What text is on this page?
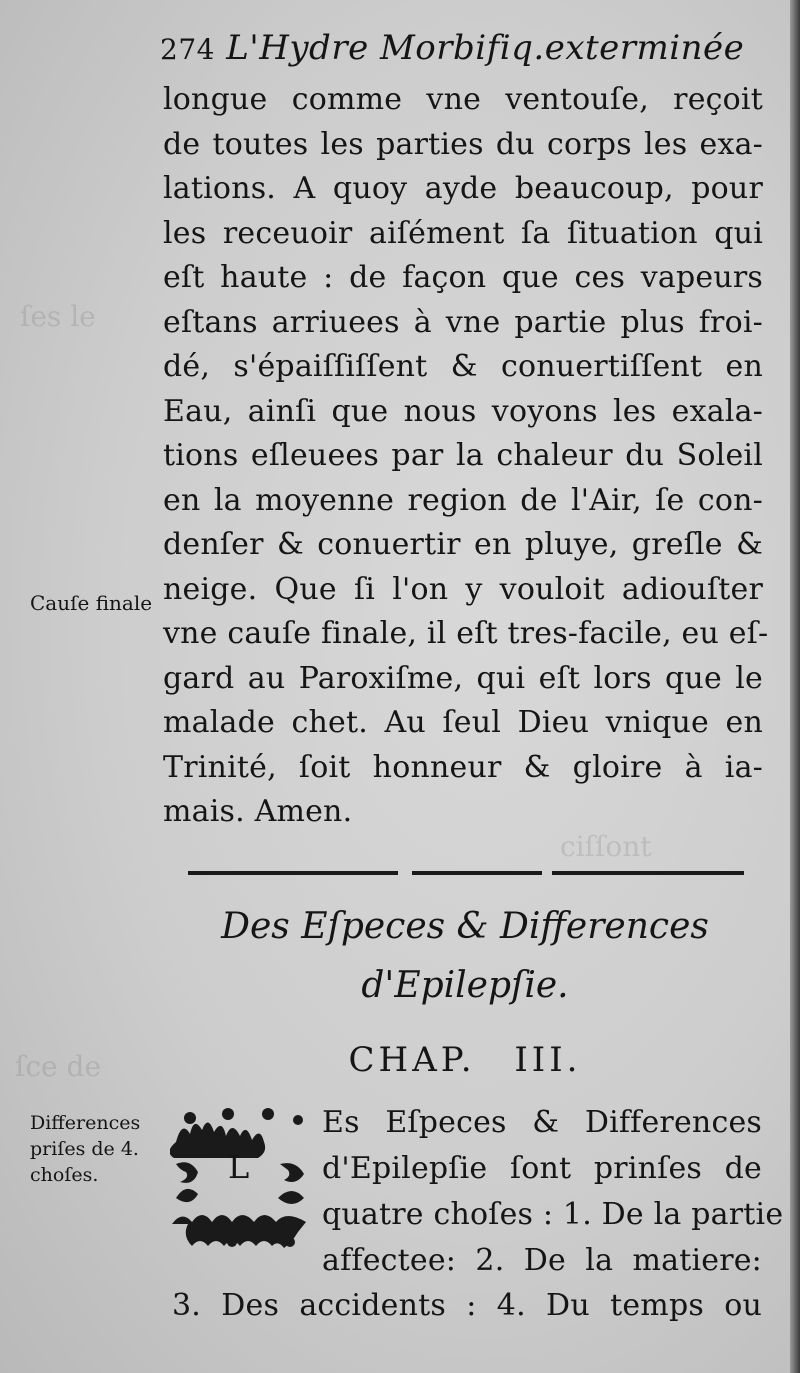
ſes le
ciſſont
ſce de
274 L'Hydre Morbifiq.exterminée
longue comme vne ventouſe, reçoit
de toutes les parties du corps les exa-
lations. A quoy ayde beaucoup, pour
les receuoir aiſément ſa ſituation qui
eſt haute : de façon que ces vapeurs
eſtans arriuees à vne partie plus froi-
dé, s'épaiſſiſſent & conuertiſſent en
Eau, ainſi que nous voyons les exala-
tions eſleuees par la chaleur du Soleil
en la moyenne region de l'Air, ſe con-
denſer & conuertir en pluye, greſle &
neige. Que ſi l'on y vouloit adiouſter
vne cauſe finale, il eſt tres-facile, eu eſ-
gard au Paroxiſme, qui eſt lors que le
malade chet. Au ſeul Dieu vnique en
Trinité, ſoit honneur & gloire à ia-
mais. Amen.
Cauſe finale
Des Eſpeces & Differences
d'Epilepſie.
CHAP. III.
Differences
priſes de 4.
choſes.	L
Es Eſpeces & Differences
d'Epilepſie ſont prinſes de
quatre choſes : 1. De la partie
affectee: 2. De la matiere:
3. Des accidents : 4. Du temps ou
